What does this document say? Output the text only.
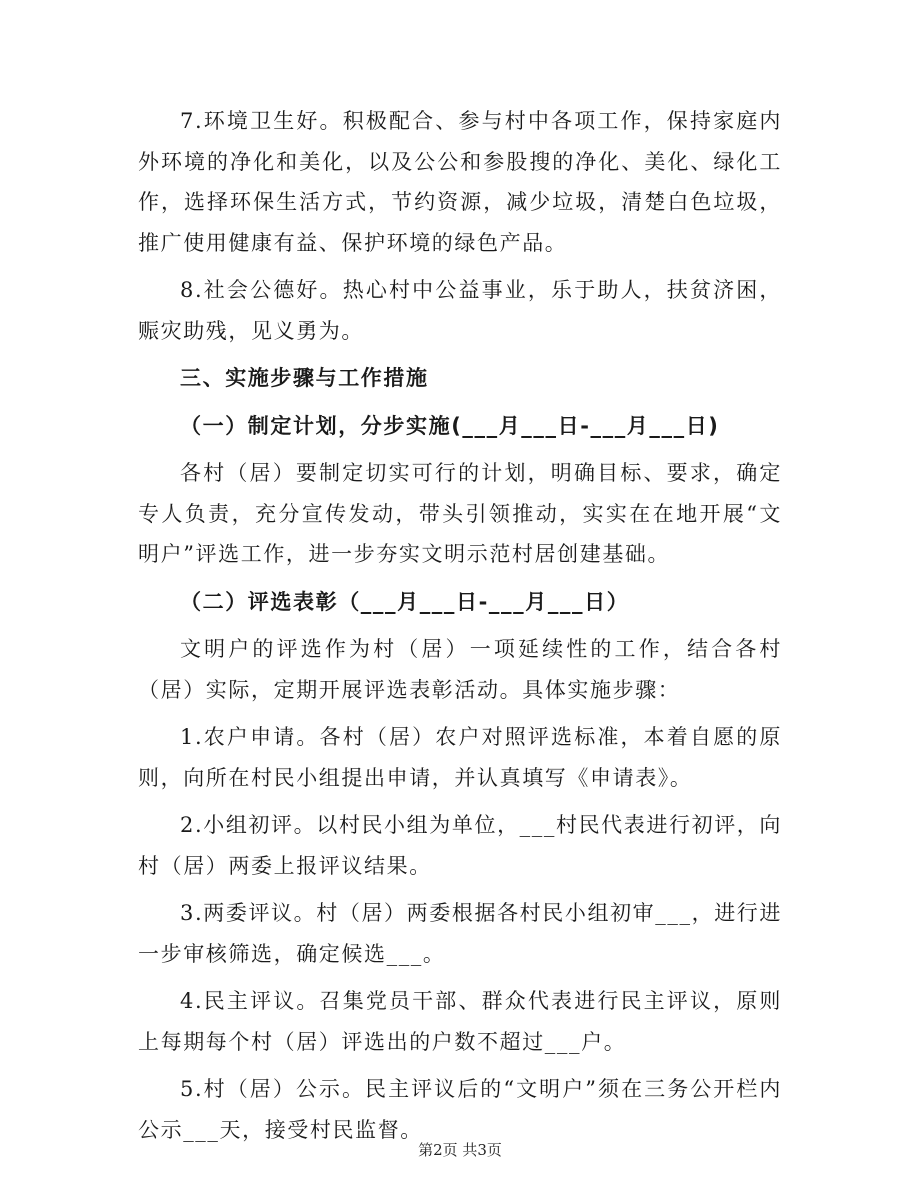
7.环境卫生好。积极配合、参与村中各项工作，保持家庭内外环境的净化和美化，以及公公和参股搜的净化、美化、绿化工作，选择环保生活方式，节约资源，减少垃圾，清楚白色垃圾，推广使用健康有益、保护环境的绿色产品。

8.社会公德好。热心村中公益事业，乐于助人，扶贫济困，赈灾助残，见义勇为。

三、实施步骤与工作措施

（一）制定计划，分步实施(___月___日-___月___日)

各村（居）要制定切实可行的计划，明确目标、要求，确定专人负责，充分宣传发动，带头引领推动，实实在在地开展“文明户”评选工作，进一步夯实文明示范村居创建基础。

（二）评选表彰（___月___日-___月___日）

文明户的评选作为村（居）一项延续性的工作，结合各村（居）实际，定期开展评选表彰活动。具体实施步骤：

1.农户申请。各村（居）农户对照评选标准，本着自愿的原则，向所在村民小组提出申请，并认真填写《申请表》。

2.小组初评。以村民小组为单位，___村民代表进行初评，向村（居）两委上报评议结果。

3.两委评议。村（居）两委根据各村民小组初审___，进行进一步审核筛选，确定候选___。

4.民主评议。召集党员干部、群众代表进行民主评议，原则上每期每个村（居）评选出的户数不超过___户。

5.村（居）公示。民主评议后的“文明户”须在三务公开栏内公示___天，接受村民监督。

第2页 共3页
